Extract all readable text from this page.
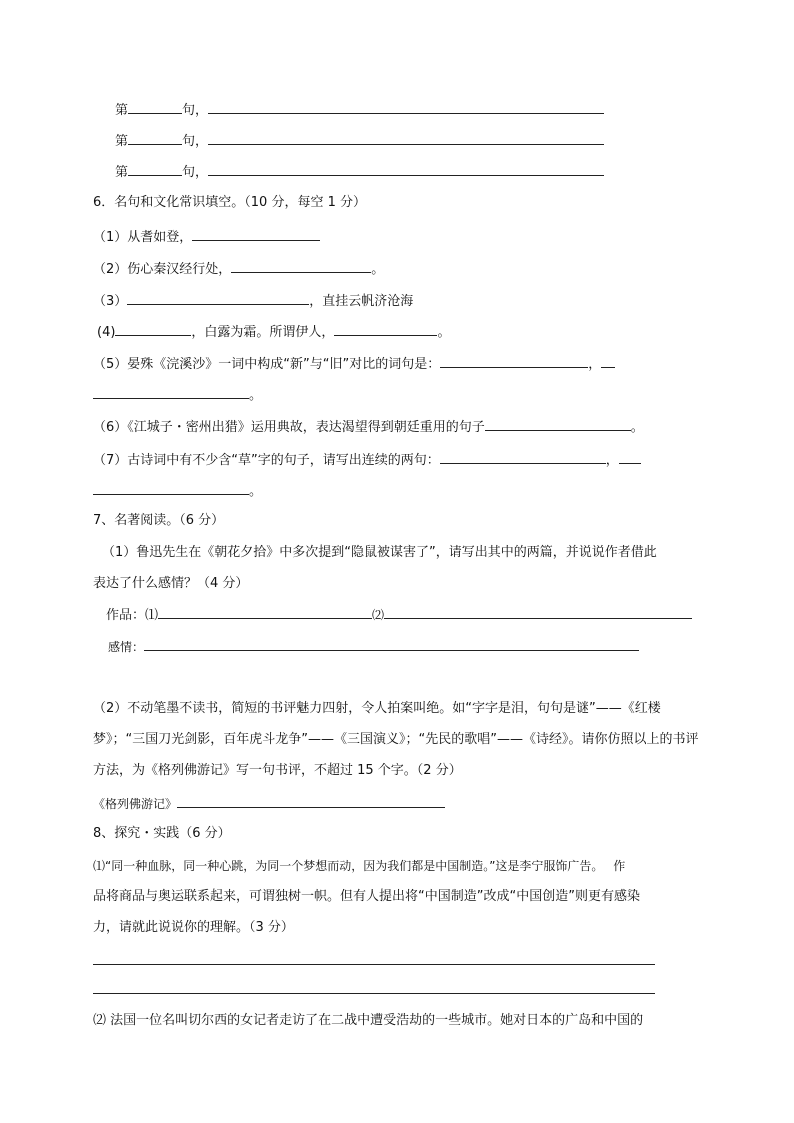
第	句，
第	句，
第	句，
6．名句和文化常识填空。（10 分，每空 1 分）
（1）从耆如登，
（2）伤心秦汉经行处，	。
（3）	，直挂云帆济沧海
(4)	，白露为霜。所谓伊人，	。
（5）晏殊《浣溪沙》一词中构成“新”与“旧”对比的词句是：	，
。
（6）《江城子・密州出猎》运用典故，表达渴望得到朝廷重用的句子	。
（7）古诗词中有不少含“草”字的句子，请写出连续的两句：	，
。
7、名著阅读。（6 分）
（1）鲁迅先生在《朝花夕拾》中多次提到“隐鼠被谋害了”，请写出其中的两篇，并说说作者借此
表达了什么感情？（4 分）
作品：⑴	⑵
感情：
（2）不动笔墨不读书，简短的书评魅力四射，令人拍案叫绝。如“字字是泪，句句是谜”——《红楼
梦》；“三国刀光剑影，百年虎斗龙争”——《三国演义》；“先民的歌唱”——《诗经》。请你仿照以上的书评
方法，为《格列佛游记》写一句书评，不超过 15 个字。（2 分）
《格列佛游记》
8、探究・实践（6 分）
⑴“同一种血脉，同一种心跳，为同一个梦想而动，因为我们都是中国制造。”这是李宁服饰广告。　 作
品将商品与奥运联系起来，可谓独树一帜。但有人提出将“中国制造”改成“中国创造”则更有感染
力，请就此说说你的理解。（3 分）
⑵ 法国一位名叫切尔西的女记者走访了在二战中遭受浩劫的一些城市。她对日本的广岛和中国的
